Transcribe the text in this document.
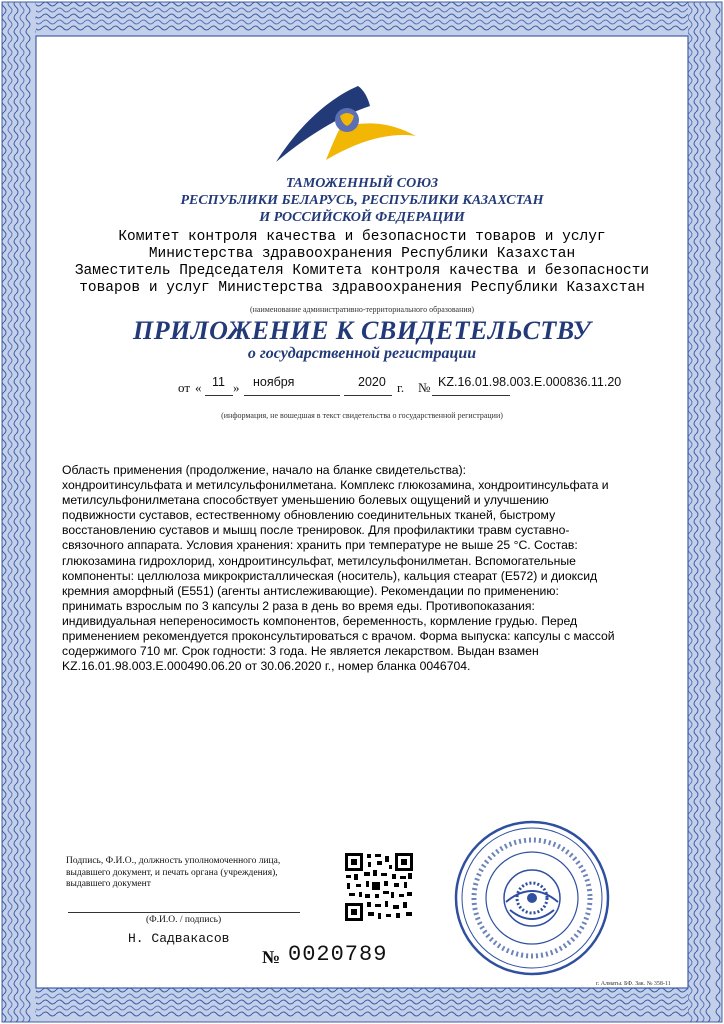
ТАМОЖЕННЫЙ СОЮЗ
РЕСПУБЛИКИ БЕЛАРУСЬ, РЕСПУБЛИКИ КАЗАХСТАН
И РОССИЙСКОЙ ФЕДЕРАЦИИ
Комитет контроля качества и безопасности товаров и услуг
Министерства здравоохранения Республики Казахстан
Заместитель Председателя Комитета контроля качества и безопасности
товаров и услуг Министерства здравоохранения Республики Казахстан
(наименование административно-территориального образования)
ПРИЛОЖЕНИЕ К СВИДЕТЕЛЬСТВУ
о государственной регистрации
от « 11 » ноября	2020 г. № KZ.16.01.98.003.E.000836.11.20
(информация, не вошедшая в текст свидетельства о государственной регистрации)
Область применения (продолжение, начало на бланке свидетельства):
хондроитинсульфата и метилсульфонилметана. Комплекс глюкозамина, хондроитинсульфата и
метилсульфонилметана способствует уменьшению болевых ощущений и улучшению
подвижности суставов, естественному обновлению соединительных тканей, быстрому
восстановлению суставов и мышц после тренировок. Для профилактики травм суставно-
связочного аппарата. Условия хранения: хранить при температуре не выше 25 °С. Состав:
глюкозамина гидрохлорид, хондроитинсульфат, метилсульфонилметан. Вспомогательные
компоненты: целлюлоза микрокристаллическая (носитель), кальция стеарат (Е572) и диоксид
кремния аморфный (Е551) (агенты антислеживающие). Рекомендации по применению:
принимать взрослым по 3 капсулы 2 раза в день во время еды. Противопоказания:
индивидуальная непереносимость компонентов, беременность, кормление грудью. Перед
применением рекомендуется проконсультироваться с врачом. Форма выпуска: капсулы с массой
содержимого 710 мг. Срок годности: 3 года. Не является лекарством. Выдан взамен
KZ.16.01.98.003.E.000490.06.20 от 30.06.2020 г., номер бланка 0046704.
Подпись, Ф.И.О., должность уполномоченного лица,
выдавшего документ, и печать органа (учреждения),
выдавшего документ
(Ф.И.О. / подпись)
Н. Садвакасов
№ 0020789
г. Алматы. БФ. Зак. № 358-11
